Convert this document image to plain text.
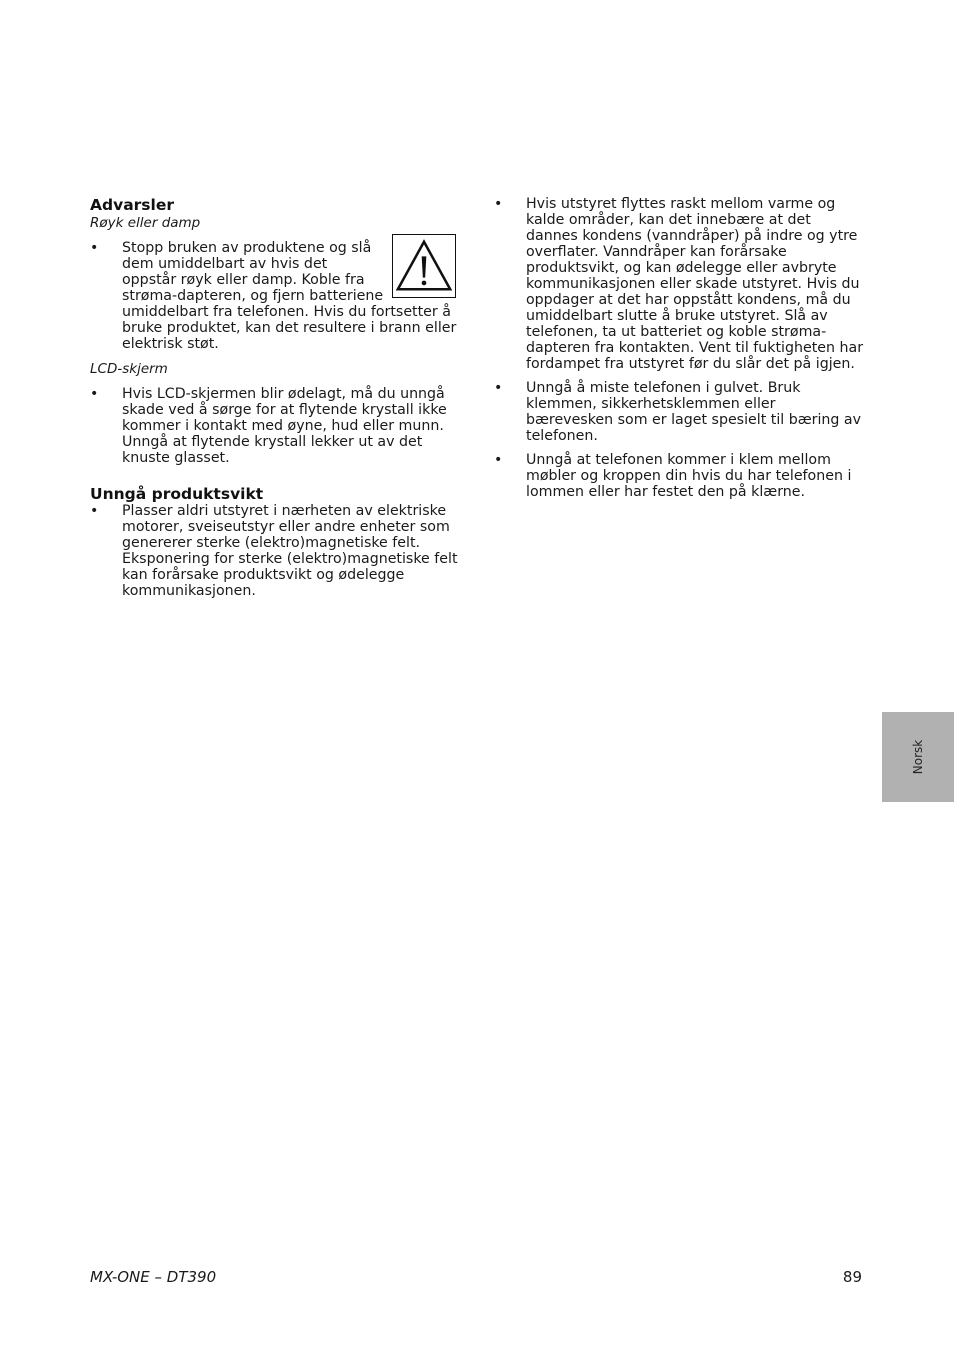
Advarsler

Røyk eller damp

•	Stopp bruken av produktene og slå dem umiddelbart av hvis det oppstår røyk eller damp. Koble fra strøma-dapteren, og fjern batteriene umiddelbart fra telefonen. Hvis du fortsetter å bruke produktet, kan det resultere i brann eller elektrisk støt.

LCD-skjerm

•	Hvis LCD-skjermen blir ødelagt, må du unngå skade ved å sørge for at flytende krystall ikke kommer i kontakt med øyne, hud eller munn. Unngå at flytende krystall lekker ut av det knuste glasset.
Unngå produktsvikt
•	Plasser aldri utstyret i nærheten av elektriske motorer, sveiseutstyr eller andre enheter som genererer sterke (elektro)magnetiske felt. Eksponering for sterke (elektro)magnetiske felt kan forårsake produktsvikt og ødelegge kommunikasjonen.
•	Hvis utstyret flyttes raskt mellom varme og kalde områder, kan det innebære at det dannes kondens (vanndråper) på indre og ytre overflater. Vanndråper kan forårsake produktsvikt, og kan ødelegge eller avbryte kommunikasjonen eller skade utstyret. Hvis du oppdager at det har oppstått kondens, må du umiddelbart slutte å bruke utstyret. Slå av telefonen, ta ut batteriet og koble strøma-dapteren fra kontakten. Vent til fuktigheten har fordampet fra utstyret før du slår det på igjen.
•	Unngå å miste telefonen i gulvet. Bruk klemmen, sikkerhetsklemmen eller bærevesken som er laget spesielt til bæring av telefonen.
•	Unngå at telefonen kommer i klem mellom møbler og kroppen din hvis du har telefonen i lommen eller har festet den på klærne.
Norsk
MX-ONE – DT390	89
